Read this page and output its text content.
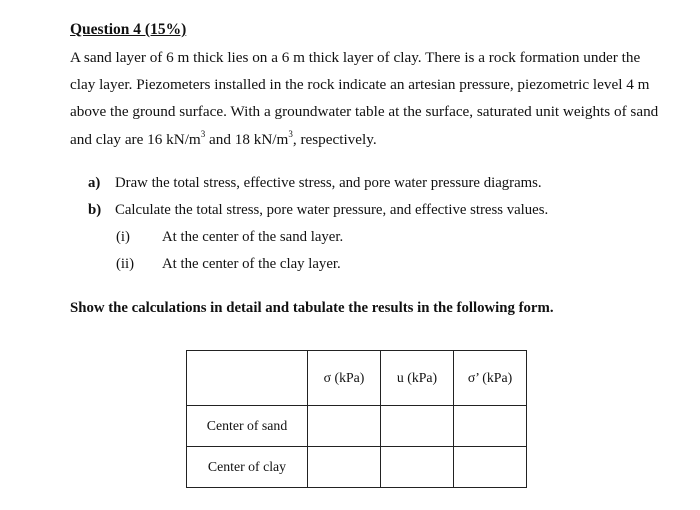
Question 4 (15%)
A sand layer of 6 m thick lies on a 6 m thick layer of clay. There is a rock formation under the clay layer. Piezometers installed in the rock indicate an artesian pressure, piezometric level 4 m above the ground surface. With a groundwater table at the surface, saturated unit weights of sand and clay are 16 $kN/m^3$ and 18 $kN/m^3$, respectively.
a) Draw the total stress, effective stress, and pore water pressure diagrams.
b) Calculate the total stress, pore water pressure, and effective stress values.
(i)	At the center of the sand layer.
(ii)	At the center of the clay layer.
Show the calculations in detail and tabulate the results in the following form.
	σ (kPa)	u (kPa)	σ’ (kPa)
Center of sand			
Center of clay			
